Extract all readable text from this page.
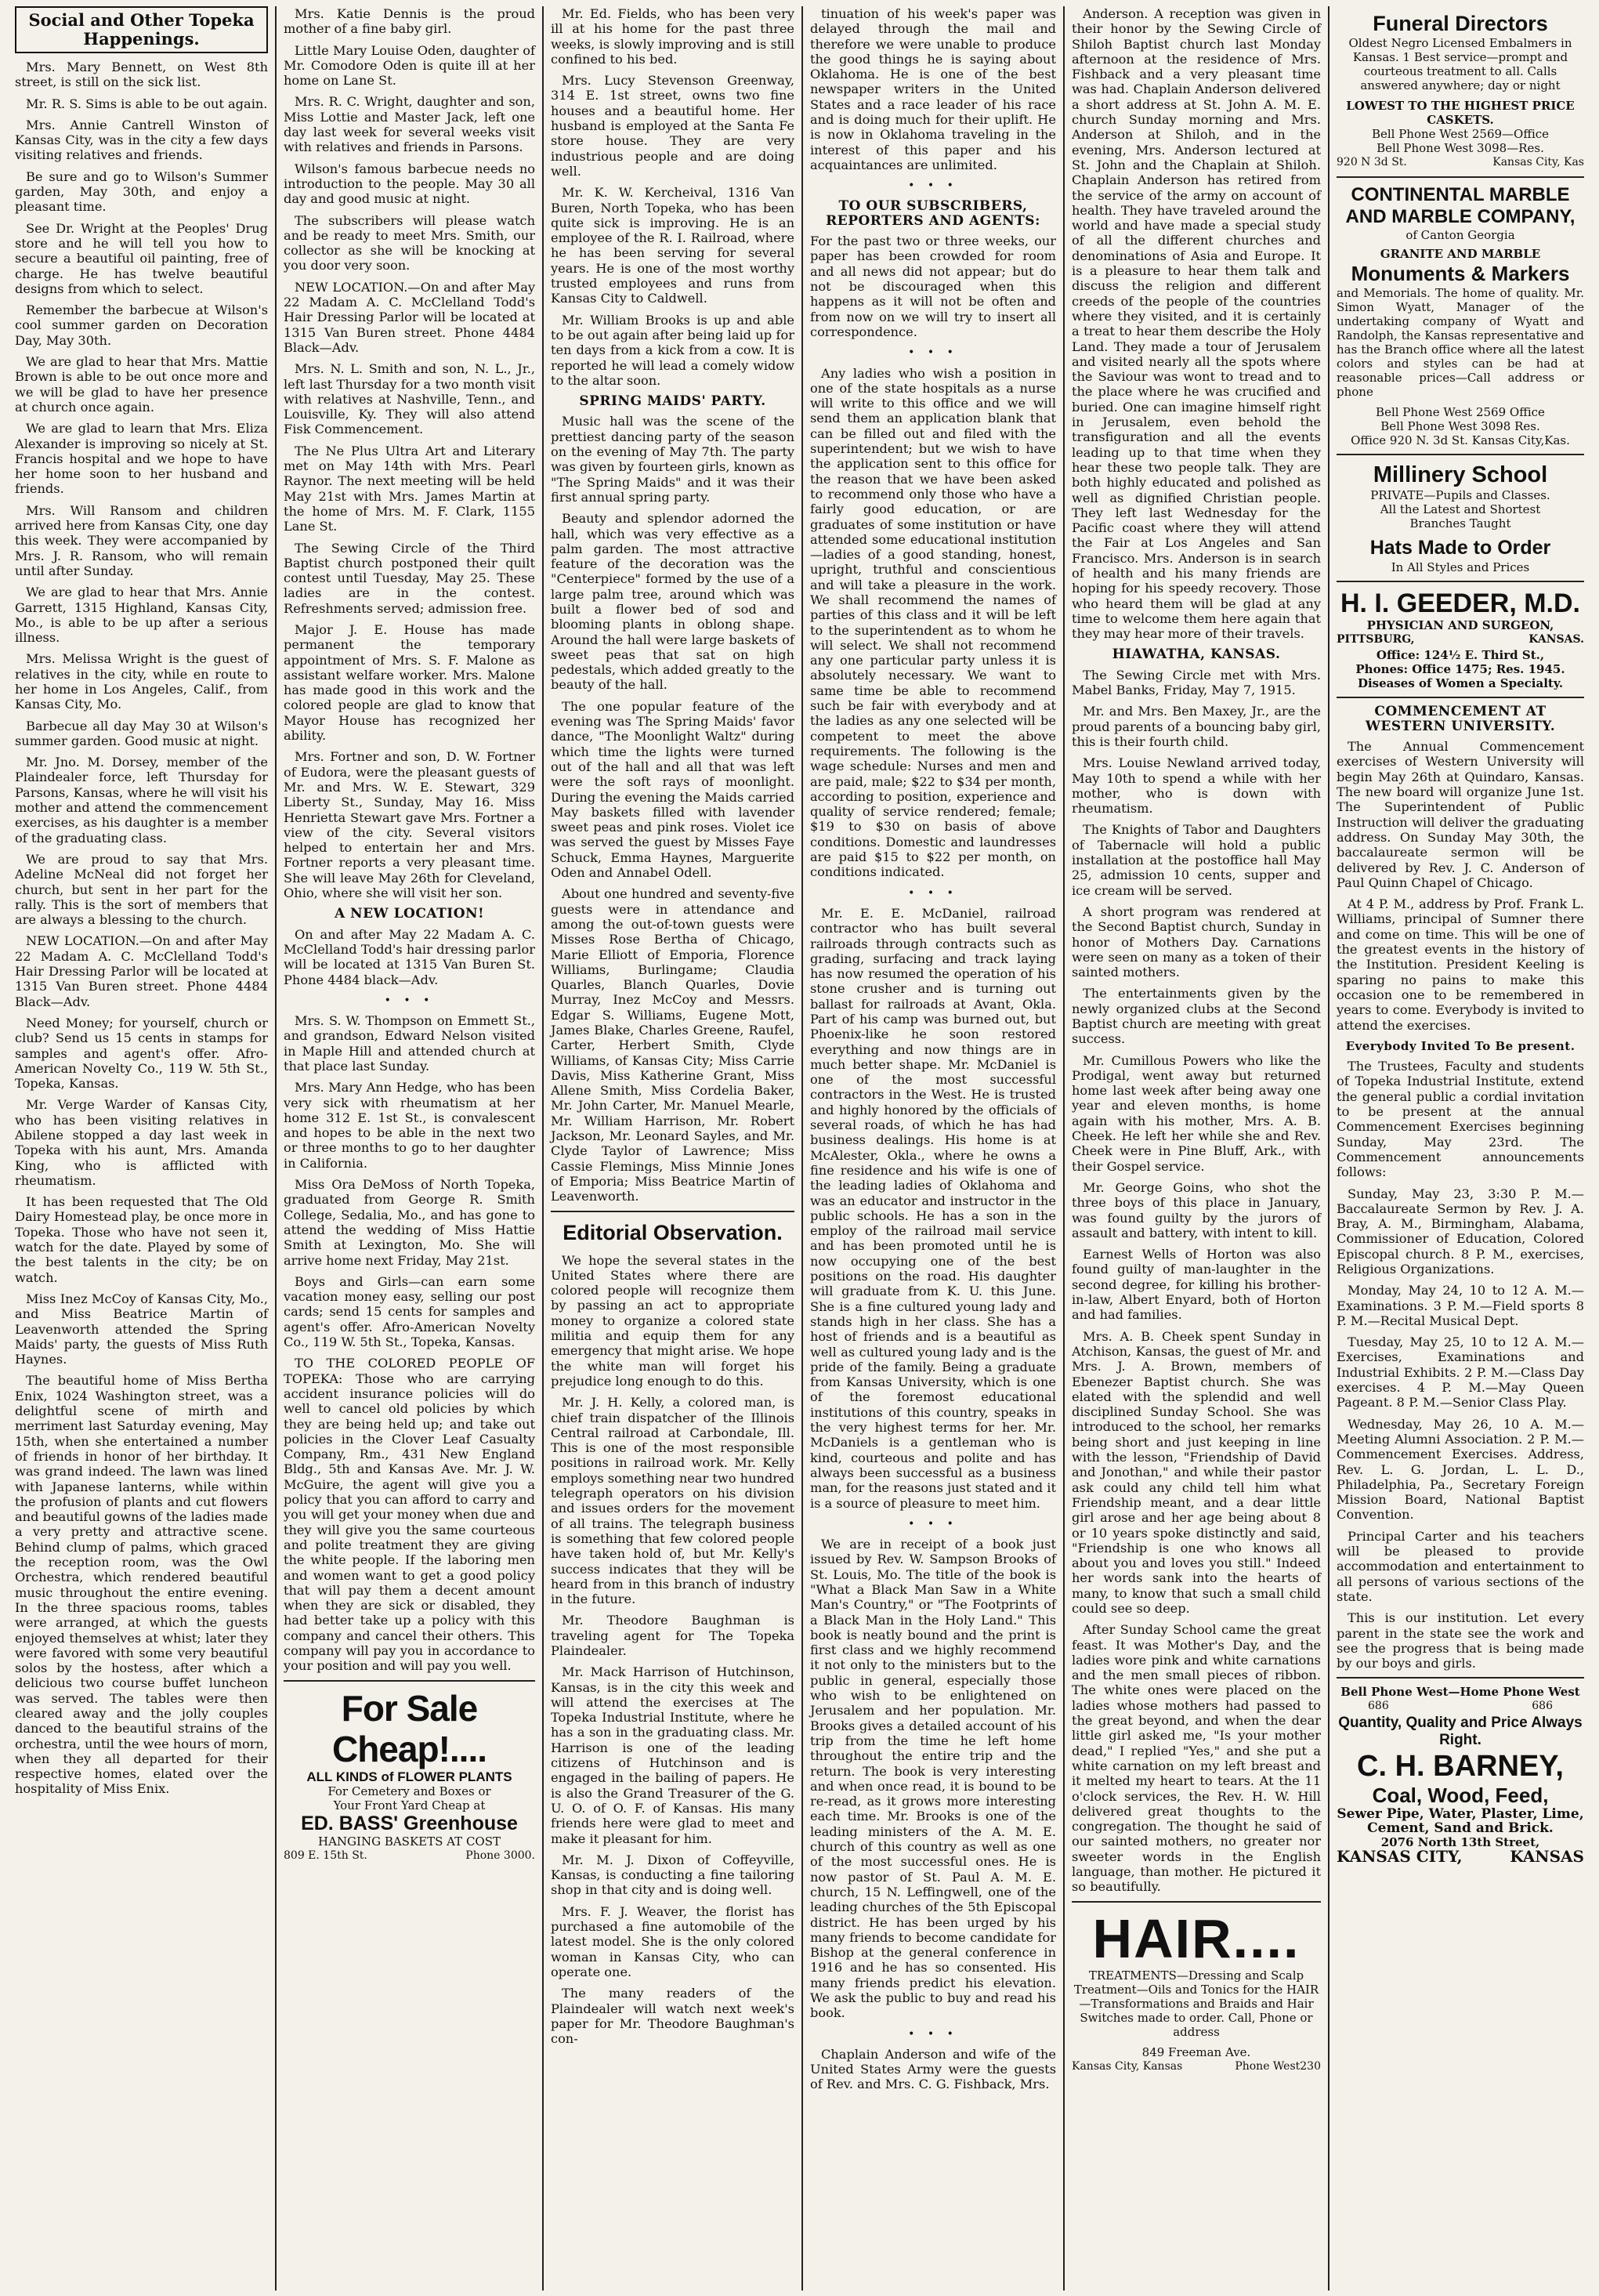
Social and Other Topeka Happenings.

Mrs. Mary Bennett, on West 8th street, is still on the sick list.

Mr. R. S. Sims is able to be out again.

Mrs. Annie Cantrell Winston of Kansas City, was in the city a few days visiting relatives and friends.

Be sure and go to Wilson's Summer garden, May 30th, and enjoy a pleasant time.

See Dr. Wright at the Peoples' Drug store and he will tell you how to secure a beautiful oil painting, free of charge. He has twelve beautiful designs from which to select.

Remember the barbecue at Wilson's cool summer garden on Decoration Day, May 30th.

We are glad to hear that Mrs. Mattie Brown is able to be out once more and we will be glad to have her presence at church once again.

We are glad to learn that Mrs. Eliza Alexander is improving so nicely at St. Francis hospital and we hope to have her home soon to her husband and friends.

Mrs. Will Ransom and children arrived here from Kansas City, one day this week. They were accompanied by Mrs. J. R. Ransom, who will remain until after Sunday.

We are glad to hear that Mrs. Annie Garrett, 1315 Highland, Kansas City, Mo., is able to be up after a serious illness.

Mrs. Melissa Wright is the guest of relatives in the city, while en route to her home in Los Angeles, Calif., from Kansas City, Mo.

Barbecue all day May 30 at Wilson's summer garden. Good music at night.

Mr. Jno. M. Dorsey, member of the Plaindealer force, left Thursday for Parsons, Kansas, where he will visit his mother and attend the commencement exercises, as his daughter is a member of the graduating class.

We are proud to say that Mrs. Adeline McNeal did not forget her church, but sent in her part for the rally. This is the sort of members that are always a blessing to the church.

NEW LOCATION.—On and after May 22 Madam A. C. McClelland Todd's Hair Dressing Parlor will be located at 1315 Van Buren street. Phone 4484 Black—Adv.

Need Money; for yourself, church or club? Send us 15 cents in stamps for samples and agent's offer. Afro-American Novelty Co., 119 W. 5th St., Topeka, Kansas.

Mr. Verge Warder of Kansas City, who has been visiting relatives in Abilene stopped a day last week in Topeka with his aunt, Mrs. Amanda King, who is afflicted with rheumatism.

It has been requested that The Old Dairy Homestead play, be once more in Topeka. Those who have not seen it, watch for the date. Played by some of the best talents in the city; be on watch.

Miss Inez McCoy of Kansas City, Mo., and Miss Beatrice Martin of Leavenworth attended the Spring Maids' party, the guests of Miss Ruth Haynes.

The beautiful home of Miss Bertha Enix, 1024 Washington street, was a delightful scene of mirth and merriment last Saturday evening, May 15th, when she entertained a number of friends in honor of her birthday. It was grand indeed. The lawn was lined with Japanese lanterns, while within the profusion of plants and cut flowers and beautiful gowns of the ladies made a very pretty and attractive scene. Behind clump of palms, which graced the reception room, was the Owl Orchestra, which rendered beautiful music throughout the entire evening. In the three spacious rooms, tables were arranged, at which the guests enjoyed themselves at whist; later they were favored with some very beautiful solos by the hostess, after which a delicious two course buffet luncheon was served. The tables were then cleared away and the jolly couples danced to the beautiful strains of the orchestra, until the wee hours of morn, when they all departed for their respective homes, elated over the hospitality of Miss Enix.

Mrs. Katie Dennis is the proud mother of a fine baby girl.

Little Mary Louise Oden, daughter of Mr. Comodore Oden is quite ill at her home on Lane St.

Mrs. R. C. Wright, daughter and son, Miss Lottie and Master Jack, left one day last week for several weeks visit with relatives and friends in Parsons.

Wilson's famous barbecue needs no introduction to the people. May 30 all day and good music at night.

The subscribers will please watch and be ready to meet Mrs. Smith, our collector as she will be knocking at you door very soon.

NEW LOCATION.—On and after May 22 Madam A. C. McClelland Todd's Hair Dressing Parlor will be located at 1315 Van Buren street. Phone 4484 Black—Adv.

Mrs. N. L. Smith and son, N. L., Jr., left last Thursday for a two month visit with relatives at Nashville, Tenn., and Louisville, Ky. They will also attend Fisk Commencement.

The Ne Plus Ultra Art and Literary met on May 14th with Mrs. Pearl Raynor. The next meeting will be held May 21st with Mrs. James Martin at the home of Mrs. M. F. Clark, 1155 Lane St.

The Sewing Circle of the Third Baptist church postponed their quilt contest until Tuesday, May 25. These ladies are in the contest. Refreshments served; admission free.

Major J. E. House has made permanent the temporary appointment of Mrs. S. F. Malone as assistant welfare worker. Mrs. Malone has made good in this work and the colored people are glad to know that Mayor House has recognized her ability.

Mrs. Fortner and son, D. W. Fortner of Eudora, were the pleasant guests of Mr. and Mrs. W. E. Stewart, 329 Liberty St., Sunday, May 16. Miss Henrietta Stewart gave Mrs. Fortner a view of the city. Several visitors helped to entertain her and Mrs. Fortner reports a very pleasant time. She will leave May 26th for Cleveland, Ohio, where she will visit her son.

A NEW LOCATION!

On and after May 22 Madam A. C. McClelland Todd's hair dressing parlor will be located at 1315 Van Buren St. Phone 4484 black—Adv.

• • •

Mrs. S. W. Thompson on Emmett St., and grandson, Edward Nelson visited in Maple Hill and attended church at that place last Sunday.

Mrs. Mary Ann Hedge, who has been very sick with rheumatism at her home 312 E. 1st St., is convalescent and hopes to be able in the next two or three months to go to her daughter in California.

Miss Ora DeMoss of North Topeka, graduated from George R. Smith College, Sedalia, Mo., and has gone to attend the wedding of Miss Hattie Smith at Lexington, Mo. She will arrive home next Friday, May 21st.

Boys and Girls—can earn some vacation money easy, selling our post cards; send 15 cents for samples and agent's offer. Afro-American Novelty Co., 119 W. 5th St., Topeka, Kansas.

TO THE COLORED PEOPLE OF TOPEKA: Those who are carrying accident insurance policies will do well to cancel old policies by which they are being held up; and take out policies in the Clover Leaf Casualty Company, Rm., 431 New England Bldg., 5th and Kansas Ave. Mr. J. W. McGuire, the agent will give you a policy that you can afford to carry and you will get your money when due and they will give you the same courteous and polite treatment they are giving the white people. If the laboring men and women want to get a good policy that will pay them a decent amount when they are sick or disabled, they had better take up a policy with this company and cancel their others. This company will pay you in accordance to your position and will pay you well.

For Sale Cheap!....
ALL KINDS of FLOWER PLANTS
For Cemetery and Boxes or
Your Front Yard Cheap at
ED. BASS' Greenhouse
HANGING BASKETS AT COST
809 E. 15th St.	Phone 3000.

Mr. Ed. Fields, who has been very ill at his home for the past three weeks, is slowly improving and is still confined to his bed.

Mrs. Lucy Stevenson Greenway, 314 E. 1st street, owns two fine houses and a beautiful home. Her husband is employed at the Santa Fe store house. They are very industrious people and are doing well.

Mr. K. W. Kercheival, 1316 Van Buren, North Topeka, who has been quite sick is improving. He is an employee of the R. I. Railroad, where he has been serving for several years. He is one of the most worthy trusted employees and runs from Kansas City to Caldwell.

Mr. William Brooks is up and able to be out again after being laid up for ten days from a kick from a cow. It is reported he will lead a comely widow to the altar soon.

SPRING MAIDS' PARTY.

Music hall was the scene of the prettiest dancing party of the season on the evening of May 7th. The party was given by fourteen girls, known as "The Spring Maids" and it was their first annual spring party.

Beauty and splendor adorned the hall, which was very effective as a palm garden. The most attractive feature of the decoration was the "Centerpiece" formed by the use of a large palm tree, around which was built a flower bed of sod and blooming plants in oblong shape. Around the hall were large baskets of sweet peas that sat on high pedestals, which added greatly to the beauty of the hall.

The one popular feature of the evening was The Spring Maids' favor dance, "The Moonlight Waltz" during which time the lights were turned out of the hall and all that was left were the soft rays of moonlight. During the evening the Maids carried May baskets filled with lavender sweet peas and pink roses. Violet ice was served the guest by Misses Faye Schuck, Emma Haynes, Marguerite Oden and Annabel Odell.

About one hundred and seventy-five guests were in attendance and among the out-of-town guests were Misses Rose Bertha of Chicago, Marie Elliott of Emporia, Florence Williams, Burlingame; Claudia Quarles, Blanch Quarles, Dovie Murray, Inez McCoy and Messrs. Edgar S. Williams, Eugene Mott, James Blake, Charles Greene, Raufel, Carter, Herbert Smith, Clyde Williams, of Kansas City; Miss Carrie Davis, Miss Katherine Grant, Miss Allene Smith, Miss Cordelia Baker, Mr. John Carter, Mr. Manuel Mearle, Mr. William Harrison, Mr. Robert Jackson, Mr. Leonard Sayles, and Mr. Clyde Taylor of Lawrence; Miss Cassie Flemings, Miss Minnie Jones of Emporia; Miss Beatrice Martin of Leavenworth.

Editorial Observation.

We hope the several states in the United States where there are colored people will recognize them by passing an act to appropriate money to organize a colored state militia and equip them for any emergency that might arise. We hope the white man will forget his prejudice long enough to do this.

Mr. J. H. Kelly, a colored man, is chief train dispatcher of the Illinois Central railroad at Carbondale, Ill. This is one of the most responsible positions in railroad work. Mr. Kelly employs something near two hundred telegraph operators on his division and issues orders for the movement of all trains. The telegraph business is something that few colored people have taken hold of, but Mr. Kelly's success indicates that they will be heard from in this branch of industry in the future.

Mr. Theodore Baughman is traveling agent for The Topeka Plaindealer.

Mr. Mack Harrison of Hutchinson, Kansas, is in the city this week and will attend the exercises at The Topeka Industrial Institute, where he has a son in the graduating class. Mr. Harrison is one of the leading citizens of Hutchinson and is engaged in the bailing of papers. He is also the Grand Treasurer of the G. U. O. of O. F. of Kansas. His many friends here were glad to meet and make it pleasant for him.

Mr. M. J. Dixon of Coffeyville, Kansas, is conducting a fine tailoring shop in that city and is doing well.

Mrs. F. J. Weaver, the florist has purchased a fine automobile of the latest model. She is the only colored woman in Kansas City, who can operate one.

The many readers of the Plaindealer will watch next week's paper for Mr. Theodore Baughman's con-

tinuation of his week's paper was delayed through the mail and therefore we were unable to produce the good things he is saying about Oklahoma. He is one of the best newspaper writers in the United States and a race leader of his race and is doing much for their uplift. He is now in Oklahoma traveling in the interest of this paper and his acquaintances are unlimited.

• • •
TO OUR SUBSCRIBERS, REPORTERS AND AGENTS:

For the past two or three weeks, our paper has been crowded for room and all news did not appear; but do not be discouraged when this happens as it will not be often and from now on we will try to insert all correspondence.

• • •

Any ladies who wish a position in one of the state hospitals as a nurse will write to this office and we will send them an application blank that can be filled out and filed with the superintendent; but we wish to have the application sent to this office for the reason that we have been asked to recommend only those who have a fairly good education, or are graduates of some institution or have attended some educational institution—ladies of a good standing, honest, upright, truthful and conscientious and will take a pleasure in the work. We shall recommend the names of parties of this class and it will be left to the superintendent as to whom he will select. We shall not recommend any one particular party unless it is absolutely necessary. We want to same time be able to recommend such be fair with everybody and at the ladies as any one selected will be competent to meet the above requirements. The following is the wage schedule: Nurses and men and are paid, male; $22 to $34 per month, according to position, experience and quality of service rendered; female; $19 to $30 on basis of above conditions. Domestic and laundresses are paid $15 to $22 per month, on conditions indicated.

• • •

Mr. E. E. McDaniel, railroad contractor who has built several railroads through contracts such as grading, surfacing and track laying has now resumed the operation of his stone crusher and is turning out ballast for railroads at Avant, Okla. Part of his camp was burned out, but Phoenix-like he soon restored everything and now things are in much better shape. Mr. McDaniel is one of the most successful contractors in the West. He is trusted and highly honored by the officials of several roads, of which he has had business dealings. His home is at McAlester, Okla., where he owns a fine residence and his wife is one of the leading ladies of Oklahoma and was an educator and instructor in the public schools. He has a son in the employ of the railroad mail service and has been promoted until he is now occupying one of the best positions on the road. His daughter will graduate from K. U. this June. She is a fine cultured young lady and stands high in her class. She has a host of friends and is a beautiful as well as cultured young lady and is the pride of the family. Being a graduate from Kansas University, which is one of the foremost educational institutions of this country, speaks in the very highest terms for her. Mr. McDaniels is a gentleman who is kind, courteous and polite and has always been successful as a business man, for the reasons just stated and it is a source of pleasure to meet him.

• • •

We are in receipt of a book just issued by Rev. W. Sampson Brooks of St. Louis, Mo. The title of the book is "What a Black Man Saw in a White Man's Country," or "The Footprints of a Black Man in the Holy Land." This book is neatly bound and the print is first class and we highly recommend it not only to the ministers but to the public in general, especially those who wish to be enlightened on Jerusalem and her population. Mr. Brooks gives a detailed account of his trip from the time he left home throughout the entire trip and the return. The book is very interesting and when once read, it is bound to be re-read, as it grows more interesting each time. Mr. Brooks is one of the leading ministers of the A. M. E. church of this country as well as one of the most successful ones. He is now pastor of St. Paul A. M. E. church, 15 N. Leffingwell, one of the leading churches of the 5th Episcopal district. He has been urged by his many friends to become candidate for Bishop at the general conference in 1916 and he has so consented. His many friends predict his elevation. We ask the public to buy and read his book.

• • •

Chaplain Anderson and wife of the United States Army were the guests of Rev. and Mrs. C. G. Fishback, Mrs.

Anderson. A reception was given in their honor by the Sewing Circle of Shiloh Baptist church last Monday afternoon at the residence of Mrs. Fishback and a very pleasant time was had. Chaplain Anderson delivered a short address at St. John A. M. E. church Sunday morning and Mrs. Anderson at Shiloh, and in the evening, Mrs. Anderson lectured at St. John and the Chaplain at Shiloh. Chaplain Anderson has retired from the service of the army on account of health. They have traveled around the world and have made a special study of all the different churches and denominations of Asia and Europe. It is a pleasure to hear them talk and discuss the religion and different creeds of the people of the countries where they visited, and it is certainly a treat to hear them describe the Holy Land. They made a tour of Jerusalem and visited nearly all the spots where the Saviour was wont to tread and to the place where he was crucified and buried. One can imagine himself right in Jerusalem, even behold the transfiguration and all the events leading up to that time when they hear these two people talk. They are both highly educated and polished as well as dignified Christian people. They left last Wednesday for the Pacific coast where they will attend the Fair at Los Angeles and San Francisco. Mrs. Anderson is in search of health and his many friends are hoping for his speedy recovery. Those who heard them will be glad at any time to welcome them here again that they may hear more of their travels.

HIAWATHA, KANSAS.

The Sewing Circle met with Mrs. Mabel Banks, Friday, May 7, 1915.

Mr. and Mrs. Ben Maxey, Jr., are the proud parents of a bouncing baby girl, this is their fourth child.

Mrs. Louise Newland arrived today, May 10th to spend a while with her mother, who is down with rheumatism.

The Knights of Tabor and Daughters of Tabernacle will hold a public installation at the postoffice hall May 25, admission 10 cents, supper and ice cream will be served.

A short program was rendered at the Second Baptist church, Sunday in honor of Mothers Day. Carnations were seen on many as a token of their sainted mothers.

The entertainments given by the newly organized clubs at the Second Baptist church are meeting with great success.

Mr. Cumillous Powers who like the Prodigal, went away but returned home last week after being away one year and eleven months, is home again with his mother, Mrs. A. B. Cheek. He left her while she and Rev. Cheek were in Pine Bluff, Ark., with their Gospel service.

Mr. George Goins, who shot the three boys of this place in January, was found guilty by the jurors of assault and battery, with intent to kill.

Earnest Wells of Horton was also found guilty of man-laughter in the second degree, for killing his brother-in-law, Albert Enyard, both of Horton and had families.

Mrs. A. B. Cheek spent Sunday in Atchison, Kansas, the guest of Mr. and Mrs. J. A. Brown, members of Ebenezer Baptist church. She was elated with the splendid and well disciplined Sunday School. She was introduced to the school, her remarks being short and just keeping in line with the lesson, "Friendship of David and Jonothan," and while their pastor ask could any child tell him what Friendship meant, and a dear little girl arose and her age being about 8 or 10 years spoke distinctly and said, "Friendship is one who knows all about you and loves you still." Indeed her words sank into the hearts of many, to know that such a small child could see so deep.

After Sunday School came the great feast. It was Mother's Day, and the ladies wore pink and white carnations and the men small pieces of ribbon. The white ones were placed on the ladies whose mothers had passed to the great beyond, and when the dear little girl asked me, "Is your mother dead," I replied "Yes," and she put a white carnation on my left breast and it melted my heart to tears. At the 11 o'clock services, the Rev. H. W. Hill delivered great thoughts to the congregation. The thought he said of our sainted mothers, no greater nor sweeter words in the English language, than mother. He pictured it so beautifully.

HAIR....

TREATMENTS—Dressing and Scalp Treatment—Oils and Tonics for the HAIR—Transformations and Braids and Hair Switches made to order. Call, Phone or address

849 Freeman Ave.
Kansas City, Kansas	Phone West230
Funeral Directors

Oldest Negro Licensed Embalmers in Kansas. 1 Best service—prompt and courteous treatment to all. Calls answered anywhere; day or night

LOWEST TO THE HIGHEST PRICE CASKETS.
Bell Phone West 2569—Office
Bell Phone West 3098—Res.
920 N 3d St.	Kansas City, Kas
CONTINENTAL MARBLE AND MARBLE COMPANY,
of Canton Georgia
GRANITE AND MARBLE
Monuments & Markers

and Memorials. The home of quality. Mr. Simon Wyatt, Manager of the undertaking company of Wyatt and Randolph, the Kansas representative and has the Branch office where all the latest colors and styles can be had at reasonable prices—Call address or phone

Bell Phone West 2569 Office
Bell Phone West 3098 Res.
Office 920 N. 3d St. Kansas City,Kas.
Millinery School
PRIVATE—Pupils and Classes.
All the Latest and Shortest
Branches Taught
Hats Made to Order
In All Styles and Prices
H. I. GEEDER, M.D.
PHYSICIAN AND SURGEON,
PITTSBURG,	KANSAS.
Office: 124½ E. Third St.,
Phones: Office 1475; Res. 1945.
Diseases of Women a Specialty.
COMMENCEMENT AT WESTERN UNIVERSITY.

The Annual Commencement exercises of Western University will begin May 26th at Quindaro, Kansas. The new board will organize June 1st. The Superintendent of Public Instruction will deliver the graduating address. On Sunday May 30th, the baccalaureate sermon will be delivered by Rev. J. C. Anderson of Paul Quinn Chapel of Chicago.

At 4 P. M., address by Prof. Frank L. Williams, principal of Sumner there and come on time. This will be one of the greatest events in the history of the Institution. President Keeling is sparing no pains to make this occasion one to be remembered in years to come. Everybody is invited to attend the exercises.

Everybody Invited To Be present.

The Trustees, Faculty and students of Topeka Industrial Institute, extend the general public a cordial invitation to be present at the annual Commencement Exercises beginning Sunday, May 23rd. The Commencement announcements follows:

Sunday, May 23, 3:30 P. M.—Baccalaureate Sermon by Rev. J. A. Bray, A. M., Birmingham, Alabama, Commissioner of Education, Colored Episcopal church. 8 P. M., exercises, Religious Organizations.

Monday, May 24, 10 to 12 A. M.—Examinations. 3 P. M.—Field sports 8 P. M.—Recital Musical Dept.

Tuesday, May 25, 10 to 12 A. M.—Exercises, Examinations and Industrial Exhibits. 2 P. M.—Class Day exercises. 4 P. M.—May Queen Pageant. 8 P. M.—Senior Class Play.

Wednesday, May 26, 10 A. M.—Meeting Alumni Association. 2 P. M.—Commencement Exercises. Address, Rev. L. G. Jordan, L. L. D., Philadelphia, Pa., Secretary Foreign Mission Board, National Baptist Convention.

Principal Carter and his teachers will be pleased to provide accommodation and entertainment to all persons of various sections of the state.

This is our institution. Let every parent in the state see the work and see the progress that is being made by our boys and girls.

Bell Phone West—Home Phone West
686	686
Quantity, Quality and Price Always Right.
C. H. BARNEY,
Coal, Wood, Feed,
Sewer Pipe, Water, Plaster, Lime, Cement, Sand and Brick.
2076 North 13th Street,
KANSAS CITY,	KANSAS
